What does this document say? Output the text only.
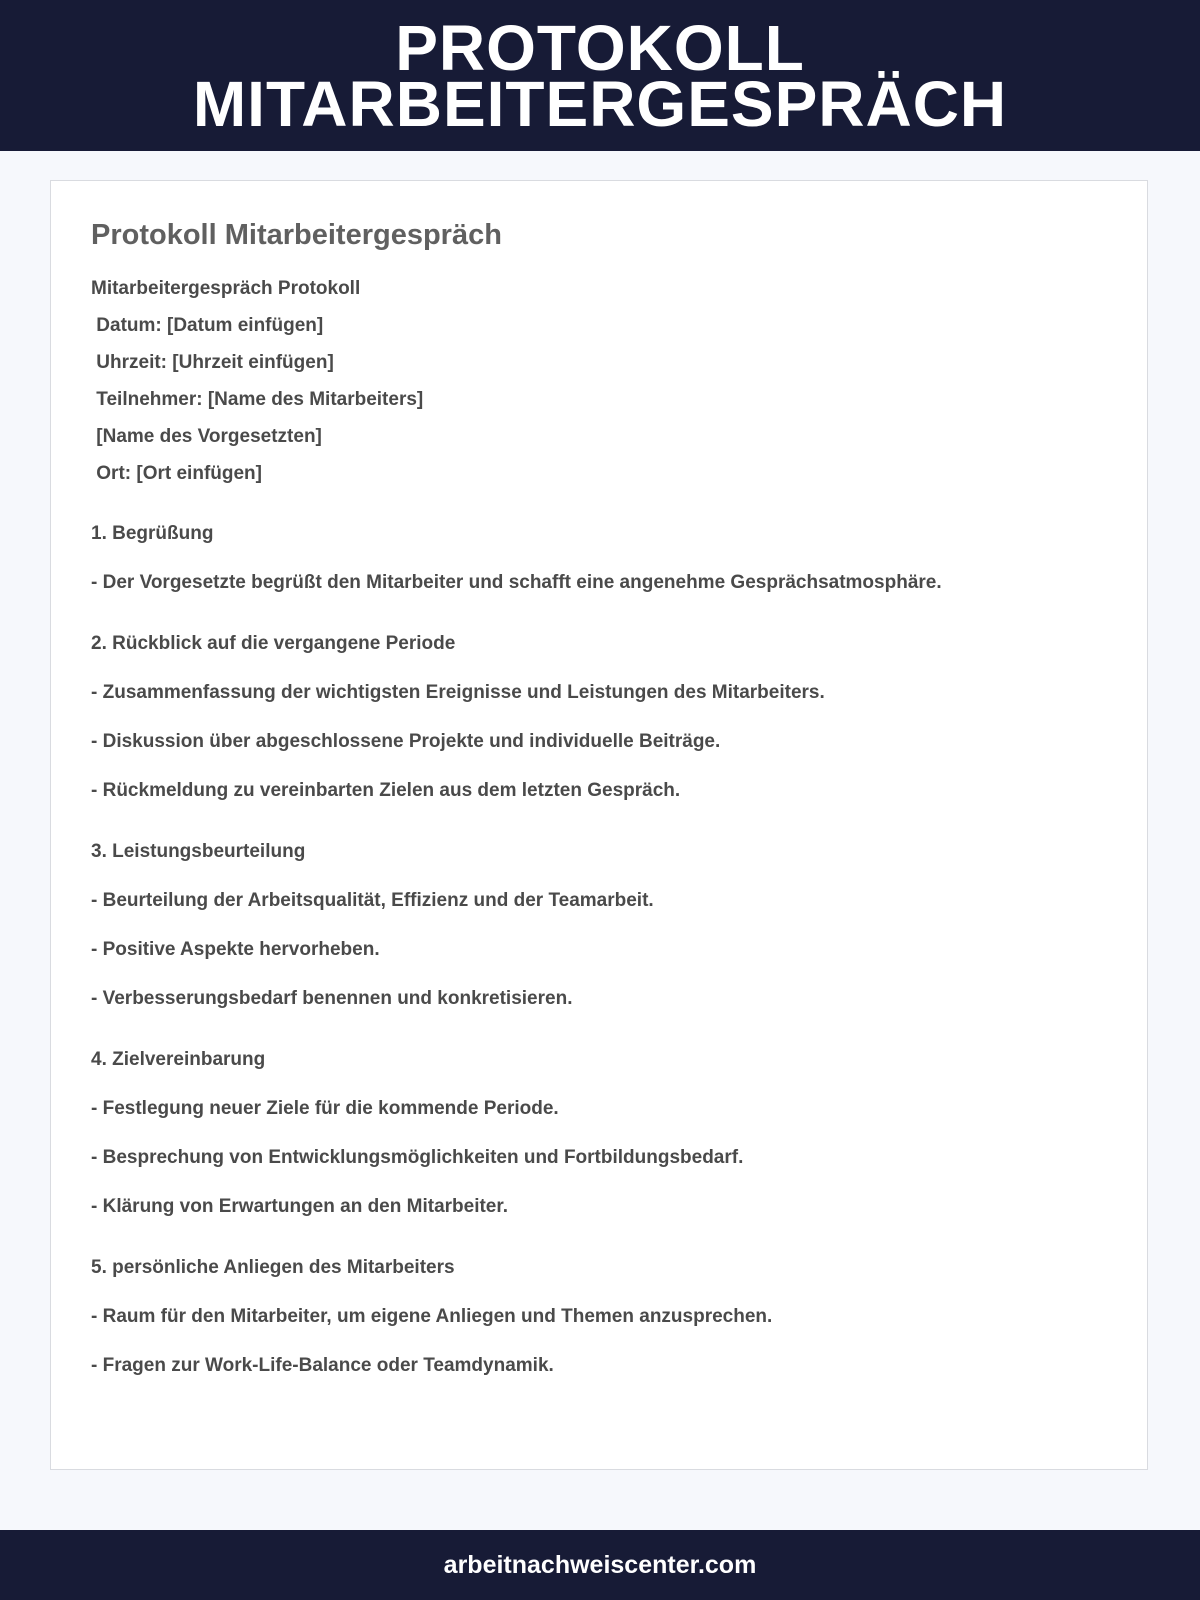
PROTOKOLL
MITARBEITERGESPRÄCH
Protokoll Mitarbeitergespräch
Mitarbeitergespräch Protokoll
Datum: [Datum einfügen]
Uhrzeit: [Uhrzeit einfügen]
Teilnehmer: [Name des Mitarbeiters]
[Name des Vorgesetzten]
Ort: [Ort einfügen]
1. Begrüßung
- Der Vorgesetzte begrüßt den Mitarbeiter und schafft eine angenehme Gesprächsatmosphäre.
2. Rückblick auf die vergangene Periode
- Zusammenfassung der wichtigsten Ereignisse und Leistungen des Mitarbeiters.
- Diskussion über abgeschlossene Projekte und individuelle Beiträge.
- Rückmeldung zu vereinbarten Zielen aus dem letzten Gespräch.
3. Leistungsbeurteilung
- Beurteilung der Arbeitsqualität, Effizienz und der Teamarbeit.
- Positive Aspekte hervorheben.
- Verbesserungsbedarf benennen und konkretisieren.
4. Zielvereinbarung
- Festlegung neuer Ziele für die kommende Periode.
- Besprechung von Entwicklungsmöglichkeiten und Fortbildungsbedarf.
- Klärung von Erwartungen an den Mitarbeiter.
5. persönliche Anliegen des Mitarbeiters
- Raum für den Mitarbeiter, um eigene Anliegen und Themen anzusprechen.
- Fragen zur Work-Life-Balance oder Teamdynamik.
arbeitnachweiscenter.com
